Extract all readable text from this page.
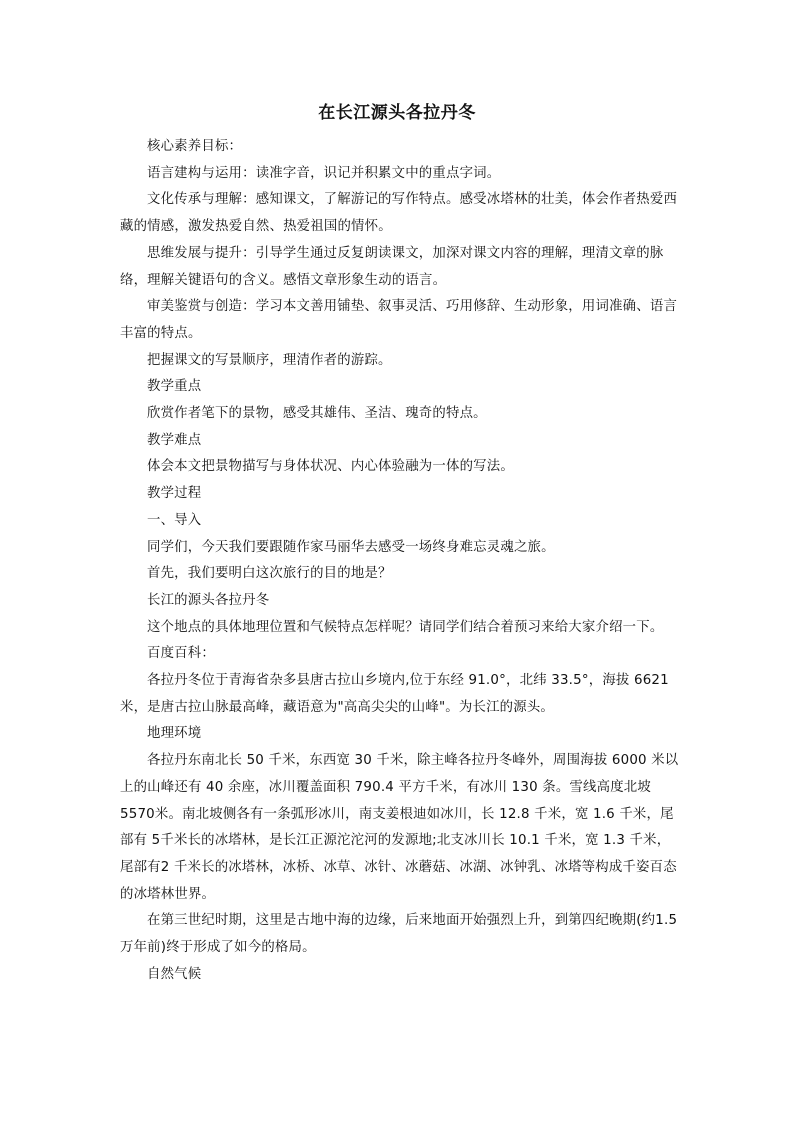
在长江源头各拉丹冬

核心素养目标：

语言建构与运用：读准字音，识记并积累文中的重点字词。

文化传承与理解：感知课文，了解游记的写作特点。感受冰塔林的壮美，体会作者热爱西藏的情感，激发热爱自然、热爱祖国的情怀。

思维发展与提升：引导学生通过反复朗读课文，加深对课文内容的理解，理清文章的脉络，理解关键语句的含义。感悟文章形象生动的语言。

审美鉴赏与创造：学习本文善用铺垫、叙事灵活、巧用修辞、生动形象，用词准确、语言丰富的特点。

把握课文的写景顺序，理清作者的游踪。

教学重点

欣赏作者笔下的景物，感受其雄伟、圣洁、瑰奇的特点。

教学难点

体会本文把景物描写与身体状况、内心体验融为一体的写法。

教学过程

一、导入

同学们，今天我们要跟随作家马丽华去感受一场终身难忘灵魂之旅。

首先，我们要明白这次旅行的目的地是？

长江的源头各拉丹冬

这个地点的具体地理位置和气候特点怎样呢？请同学们结合着预习来给大家介绍一下。

百度百科：

各拉丹冬位于青海省杂多县唐古拉山乡境内,位于东经 91.0°，北纬 33.5°，海拔 6621米，是唐古拉山脉最高峰，藏语意为"高高尖尖的山峰"。为长江的源头。

地理环境

各拉丹东南北长 50 千米，东西宽 30 千米，除主峰各拉丹冬峰外，周围海拔 6000 米以上的山峰还有 40 余座，冰川覆盖面积 790.4 平方千米，有冰川 130 条。雪线高度北坡 5570米。南北坡侧各有一条弧形冰川，南支姜根迪如冰川，长 12.8 千米，宽 1.6 千米，尾部有 5千米长的冰塔林，是长江正源沱沱河的发源地;北支冰川长 10.1 千米，宽 1.3 千米，尾部有2 千米长的冰塔林，冰桥、冰草、冰针、冰蘑菇、冰湖、冰钟乳、冰塔等构成千姿百态的冰塔林世界。

在第三世纪时期，这里是古地中海的边缘，后来地面开始强烈上升，到第四纪晚期(约1.5 万年前)终于形成了如今的格局。

自然气候
